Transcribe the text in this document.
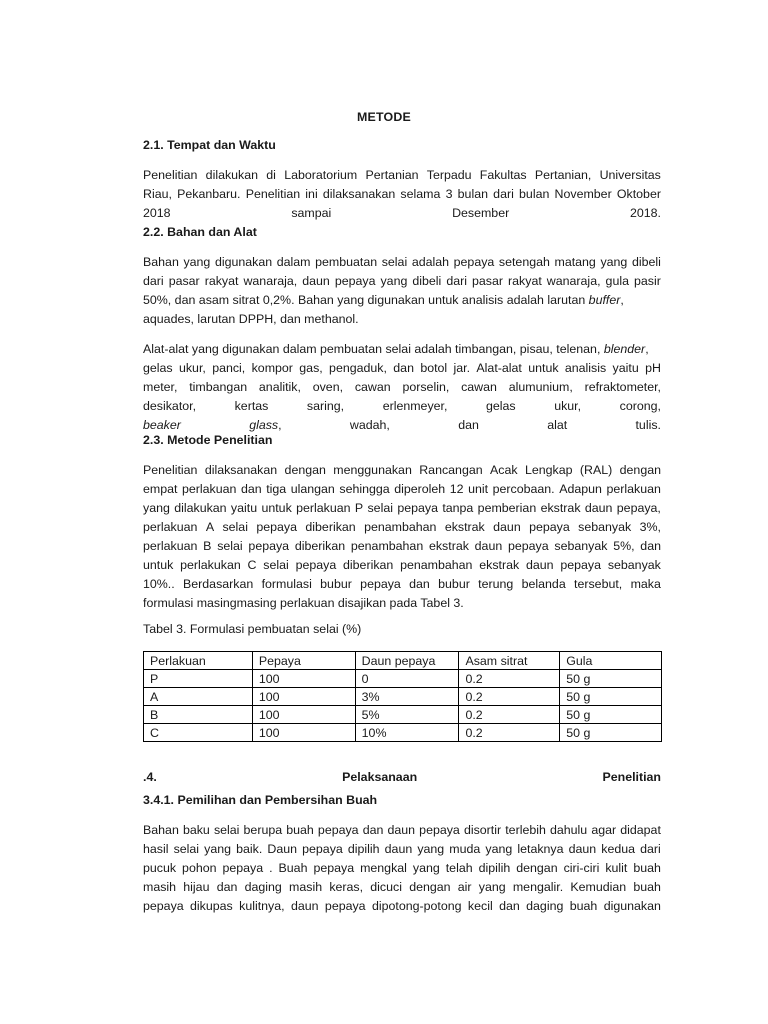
METODE
2.1. Tempat dan Waktu
Penelitian dilakukan di Laboratorium Pertanian Terpadu Fakultas Pertanian, Universitas
Riau, Pekanbaru. Penelitian ini dilaksanakan selama 3 bulan dari bulan November Oktober
2018	sampai	Desember	2018.
2.2. Bahan dan Alat
Bahan yang digunakan dalam pembuatan selai adalah pepaya setengah matang yang dibeli
dari pasar rakyat wanaraja, daun pepaya yang dibeli dari pasar rakyat wanaraja, gula pasir
50%, dan asam sitrat 0,2%. Bahan yang digunakan untuk analisis adalah larutan buffer,
aquades, larutan DPPH, dan methanol.
Alat-alat yang digunakan dalam pembuatan selai adalah timbangan, pisau, telenan, blender,
gelas ukur, panci, kompor gas, pengaduk, dan botol jar. Alat-alat untuk analisis yaitu pH
meter, timbangan analitik, oven, cawan porselin, cawan alumunium, refraktometer,
desikator,	kertas	saring,	erlenmeyer,	gelas	ukur,	corong,
beaker	glass,	wadah,	dan	alat	tulis.
2.3. Metode Penelitian
Penelitian dilaksanakan dengan menggunakan Rancangan Acak Lengkap (RAL) dengan
empat perlakuan dan tiga ulangan sehingga diperoleh 12 unit percobaan. Adapun perlakuan
yang dilakukan yaitu untuk perlakuan P selai pepaya tanpa pemberian ekstrak daun pepaya,
perlakuan A selai pepaya diberikan penambahan ekstrak daun pepaya sebanyak 3%,
perlakuan B selai pepaya diberikan penambahan ekstrak daun pepaya sebanyak 5%, dan
untuk perlakukan C selai pepaya diberikan penambahan ekstrak daun pepaya sebanyak
10%.. Berdasarkan formulasi bubur pepaya dan bubur terung belanda tersebut, maka
formulasi masingmasing perlakuan disajikan pada Tabel 3.
Tabel 3. Formulasi pembuatan selai (%)
Perlakuan	Pepaya	Daun pepaya	Asam sitrat	Gula
P	100	0	0.2	50 g
A	100	3%	0.2	50 g
B	100	5%	0.2	50 g
C	100	10%	0.2	50 g
.4.	Pelaksanaan	Penelitian
3.4.1. Pemilihan dan Pembersihan Buah
Bahan baku selai berupa buah pepaya dan daun pepaya disortir terlebih dahulu agar didapat
hasil selai yang baik. Daun pepaya dipilih daun yang muda yang letaknya daun kedua dari
pucuk pohon pepaya . Buah pepaya mengkal yang telah dipilih dengan ciri-ciri kulit buah
masih hijau dan daging masih keras, dicuci dengan air yang mengalir. Kemudian buah
pepaya dikupas kulitnya, daun pepaya dipotong-potong kecil dan daging buah digunakan
